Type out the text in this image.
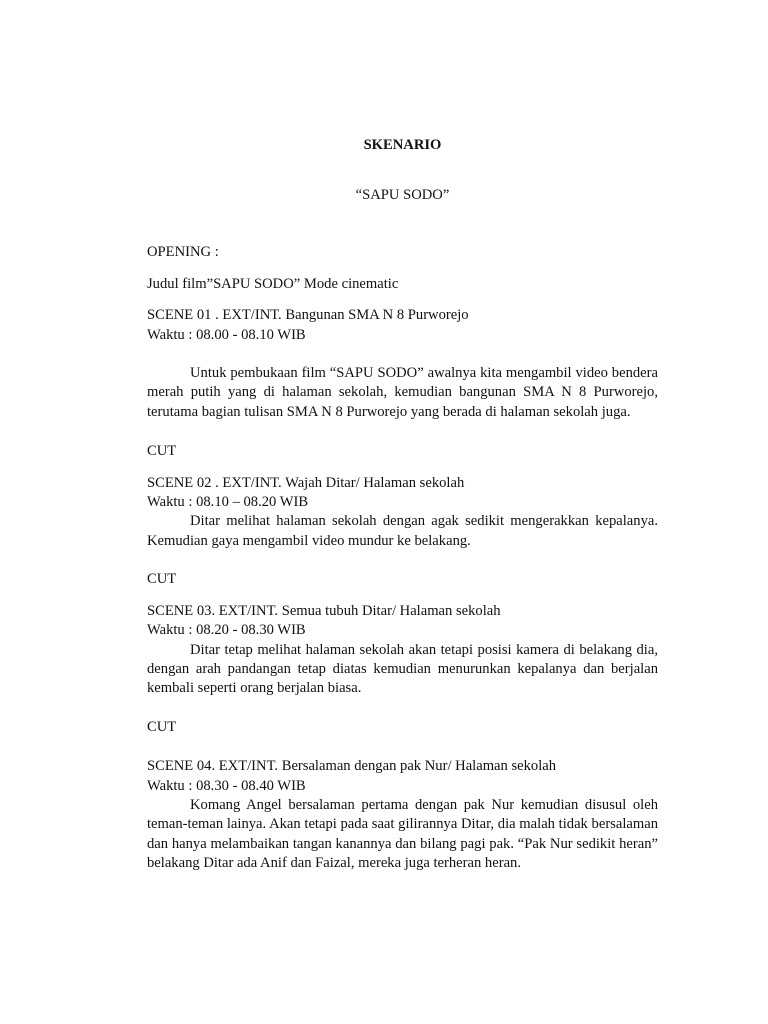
SKENARIO

“SAPU SODO”

OPENING :

Judul film”SAPU SODO” Mode cinematic

SCENE 01 . EXT/INT. Bangunan SMA N 8 Purworejo
Waktu : 08.00 - 08.10 WIB

Untuk pembukaan film “SAPU SODO” awalnya kita mengambil video bendera merah putih yang di halaman sekolah, kemudian bangunan SMA N 8 Purworejo, terutama bagian tulisan SMA N 8 Purworejo yang berada di halaman sekolah juga.

CUT

SCENE 02 . EXT/INT. Wajah Ditar/ Halaman sekolah
Waktu : 08.10 – 08.20 WIB

Ditar melihat halaman sekolah dengan agak sedikit mengerakkan kepalanya. Kemudian gaya mengambil video mundur ke belakang.

CUT

SCENE 03. EXT/INT. Semua tubuh Ditar/ Halaman sekolah
Waktu : 08.20 - 08.30 WIB

Ditar tetap melihat halaman sekolah akan tetapi posisi kamera di belakang dia, dengan arah pandangan tetap diatas kemudian menurunkan kepalanya dan berjalan kembali seperti orang berjalan biasa.

CUT

SCENE 04. EXT/INT. Bersalaman dengan pak Nur/ Halaman sekolah
Waktu : 08.30 - 08.40 WIB

Komang Angel bersalaman pertama dengan pak Nur kemudian disusul oleh teman-teman lainya. Akan tetapi pada saat gilirannya Ditar, dia malah tidak bersalaman dan hanya melambaikan tangan kanannya dan bilang pagi pak. “Pak Nur sedikit heran” belakang Ditar ada Anif dan Faizal, mereka juga terheran heran.
